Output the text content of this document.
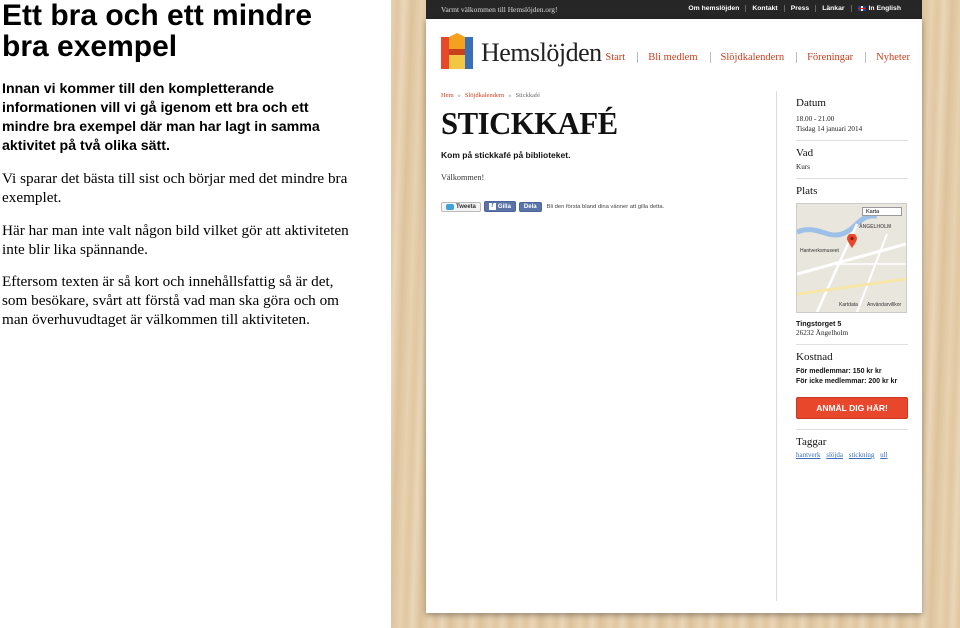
Ett bra och ett mindre bra exempel

Innan vi kommer till den kompletterande informationen vill vi gå igenom ett bra och ett mindre bra exempel där man har lagt in samma aktivitet på två olika sätt.

Vi sparar det bästa till sist och börjar med det mindre bra exemplet.

Här har man inte valt någon bild vilket gör att aktiviteten inte blir lika spännande.

Eftersom texten är så kort och innehållsfattig så är det, som besökare, svårt att förstå vad man ska göra och om man överhuvudtaget är välkommen till aktiviteten.

Varmt välkommen till Hemslöjden.org!	Om hemslöjden	Kontakt	Press	Länkar	In English
Hemslöjden Start	Bli medlem	Slöjdkalendern	Föreningar	Nyheter
Hem » Slöjdkalendern » Stickkafé
STICKKAFÉ
Kom på stickkafé på biblioteket.
Välkommen!
Tweeta	f Gilla Dela Bli den första bland dina vänner att gilla detta.
Datum
18.00 - 21.00
Tisdag 14 januari 2014
Vad
Kurs
Plats
Karta
Hantverksmuseet
ÄNGELHOLM
Kartdata Användarvillkor
Tingstorget 5
26232 Ängelholm
Kostnad
För medlemmar: 150 kr kr
För icke medlemmar: 200 kr kr
ANMÄL DIG HÄR!
Taggar
hantverk slöjda stickning ull
